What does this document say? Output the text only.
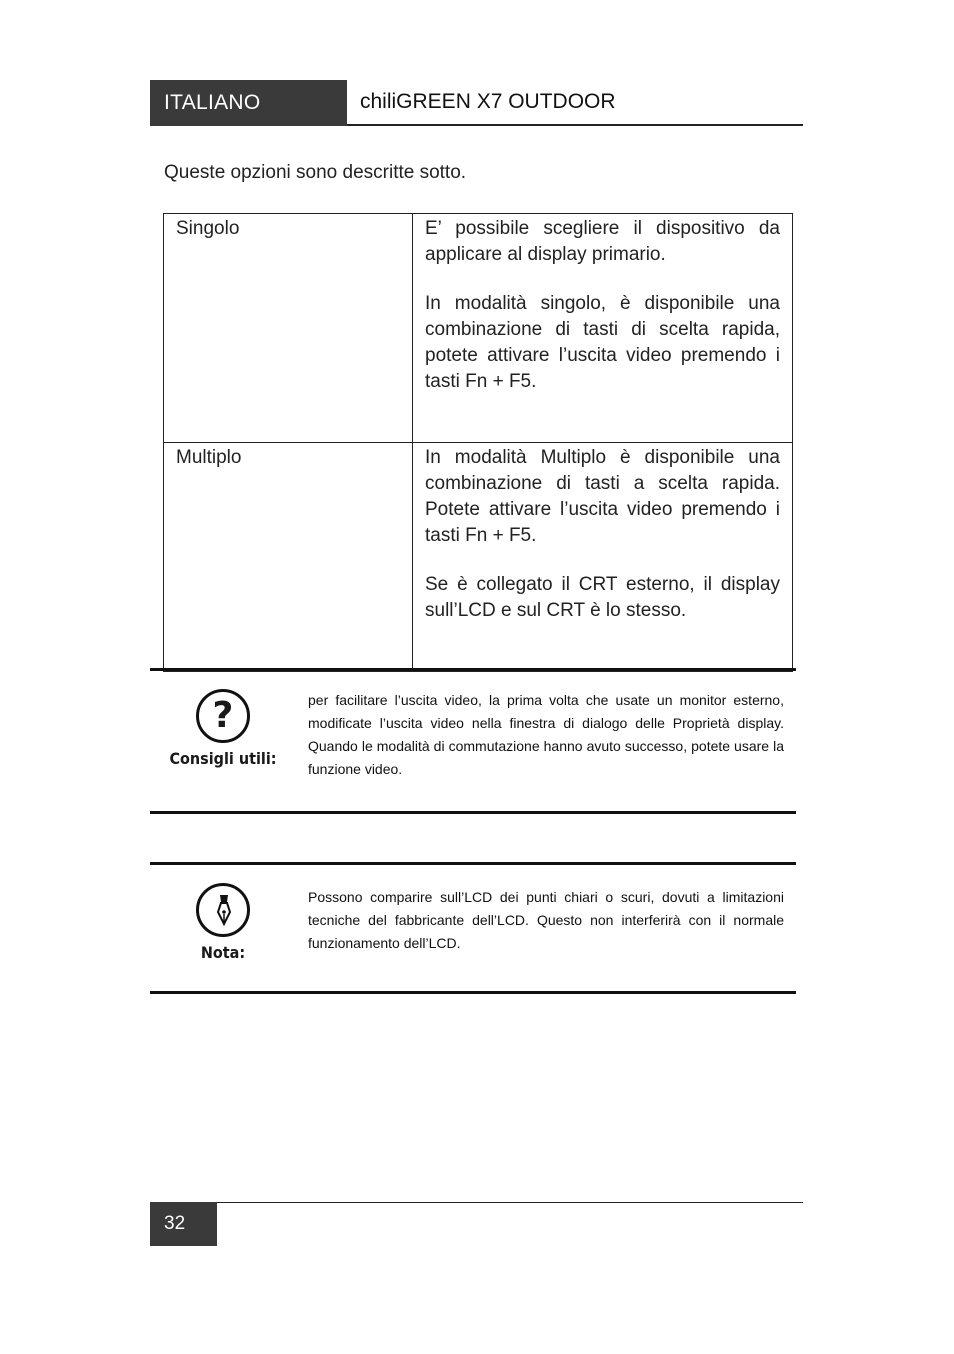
ITALIANO	chiliGREEN X7 OUTDOOR
Queste opzioni sono descritte sotto.
Singolo	E’ possibile scegliere il dispositivo da applicare al display primario.

In modalità singolo, è disponibile una combinazione di tasti di scelta rapida, potete attivare l’uscita video premendo i tasti Fn + F5.

Multiplo	In modalità Multiplo è disponibile una combinazione di tasti a scelta rapida. Potete attivare l’uscita video premendo i tasti Fn + F5.

Se è collegato il CRT esterno, il display sull’LCD e sul CRT è lo stesso.

?
Consigli utili:
per facilitare l’uscita video, la prima volta che usate un monitor esterno, modificate l’uscita video nella finestra di dialogo delle Proprietà display. Quando le modalità di commutazione hanno avuto successo, potete usare la funzione video.
Nota:
Possono comparire sull’LCD dei punti chiari o scuri, dovuti a limitazioni tecniche del fabbricante dell’LCD. Questo non interferirà con il normale funzionamento dell’LCD.
32
